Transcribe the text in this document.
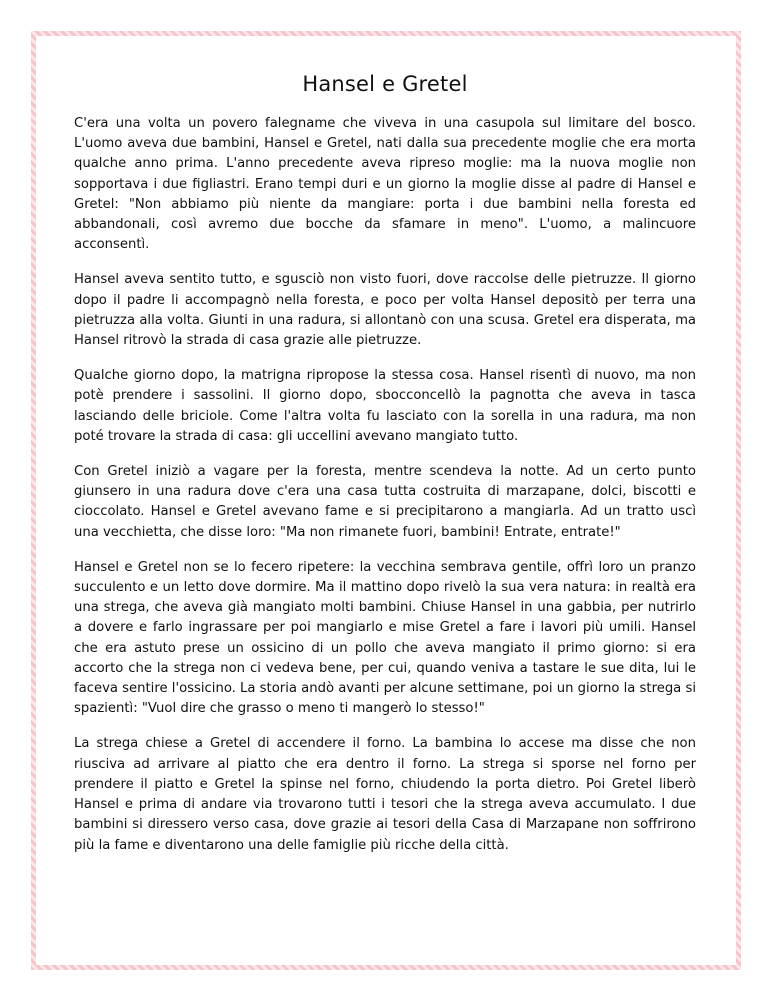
Hansel e Gretel

C'era una volta un povero falegname che viveva in una casupola sul limitare del bosco. L'uomo aveva due bambini, Hansel e Gretel, nati dalla sua precedente moglie che era morta qualche anno prima. L'anno precedente aveva ripreso moglie: ma la nuova moglie non sopportava i due figliastri. Erano tempi duri e un giorno la moglie disse al padre di Hansel e Gretel: "Non abbiamo più niente da mangiare: porta i due bambini nella foresta ed abbandonali, così avremo due bocche da sfamare in meno". L'uomo, a malincuore acconsentì.

Hansel aveva sentito tutto, e sgusciò non visto fuori, dove raccolse delle pietruzze. Il giorno dopo il padre li accompagnò nella foresta, e poco per volta Hansel depositò per terra una pietruzza alla volta. Giunti in una radura, si allontanò con una scusa. Gretel era disperata, ma Hansel ritrovò la strada di casa grazie alle pietruzze.

Qualche giorno dopo, la matrigna ripropose la stessa cosa. Hansel risentì di nuovo, ma non potè prendere i sassolini. Il giorno dopo, sbocconcellò la pagnotta che aveva in tasca lasciando delle briciole. Come l'altra volta fu lasciato con la sorella in una radura, ma non poté trovare la strada di casa: gli uccellini avevano mangiato tutto.

Con Gretel iniziò a vagare per la foresta, mentre scendeva la notte. Ad un certo punto giunsero in una radura dove c'era una casa tutta costruita di marzapane, dolci, biscotti e cioccolato. Hansel e Gretel avevano fame e si precipitarono a mangiarla. Ad un tratto uscì una vecchietta, che disse loro: "Ma non rimanete fuori, bambini! Entrate, entrate!"

Hansel e Gretel non se lo fecero ripetere: la vecchina sembrava gentile, offrì loro un pranzo succulento e un letto dove dormire. Ma il mattino dopo rivelò la sua vera natura: in realtà era una strega, che aveva già mangiato molti bambini. Chiuse Hansel in una gabbia, per nutrirlo a dovere e farlo ingrassare per poi mangiarlo e mise Gretel a fare i lavori più umili. Hansel che era astuto prese un ossicino di un pollo che aveva mangiato il primo giorno: si era accorto che la strega non ci vedeva bene, per cui, quando veniva a tastare le sue dita, lui le faceva sentire l'ossicino. La storia andò avanti per alcune settimane, poi un giorno la strega si spazientì: "Vuol dire che grasso o meno ti mangerò lo stesso!"

La strega chiese a Gretel di accendere il forno. La bambina lo accese ma disse che non riusciva ad arrivare al piatto che era dentro il forno. La strega si sporse nel forno per prendere il piatto e Gretel la spinse nel forno, chiudendo la porta dietro. Poi Gretel liberò Hansel e prima di andare via trovarono tutti i tesori che la strega aveva accumulato. I due bambini si diressero verso casa, dove grazie ai tesori della Casa di Marzapane non soffrirono più la fame e diventarono una delle famiglie più ricche della città.
